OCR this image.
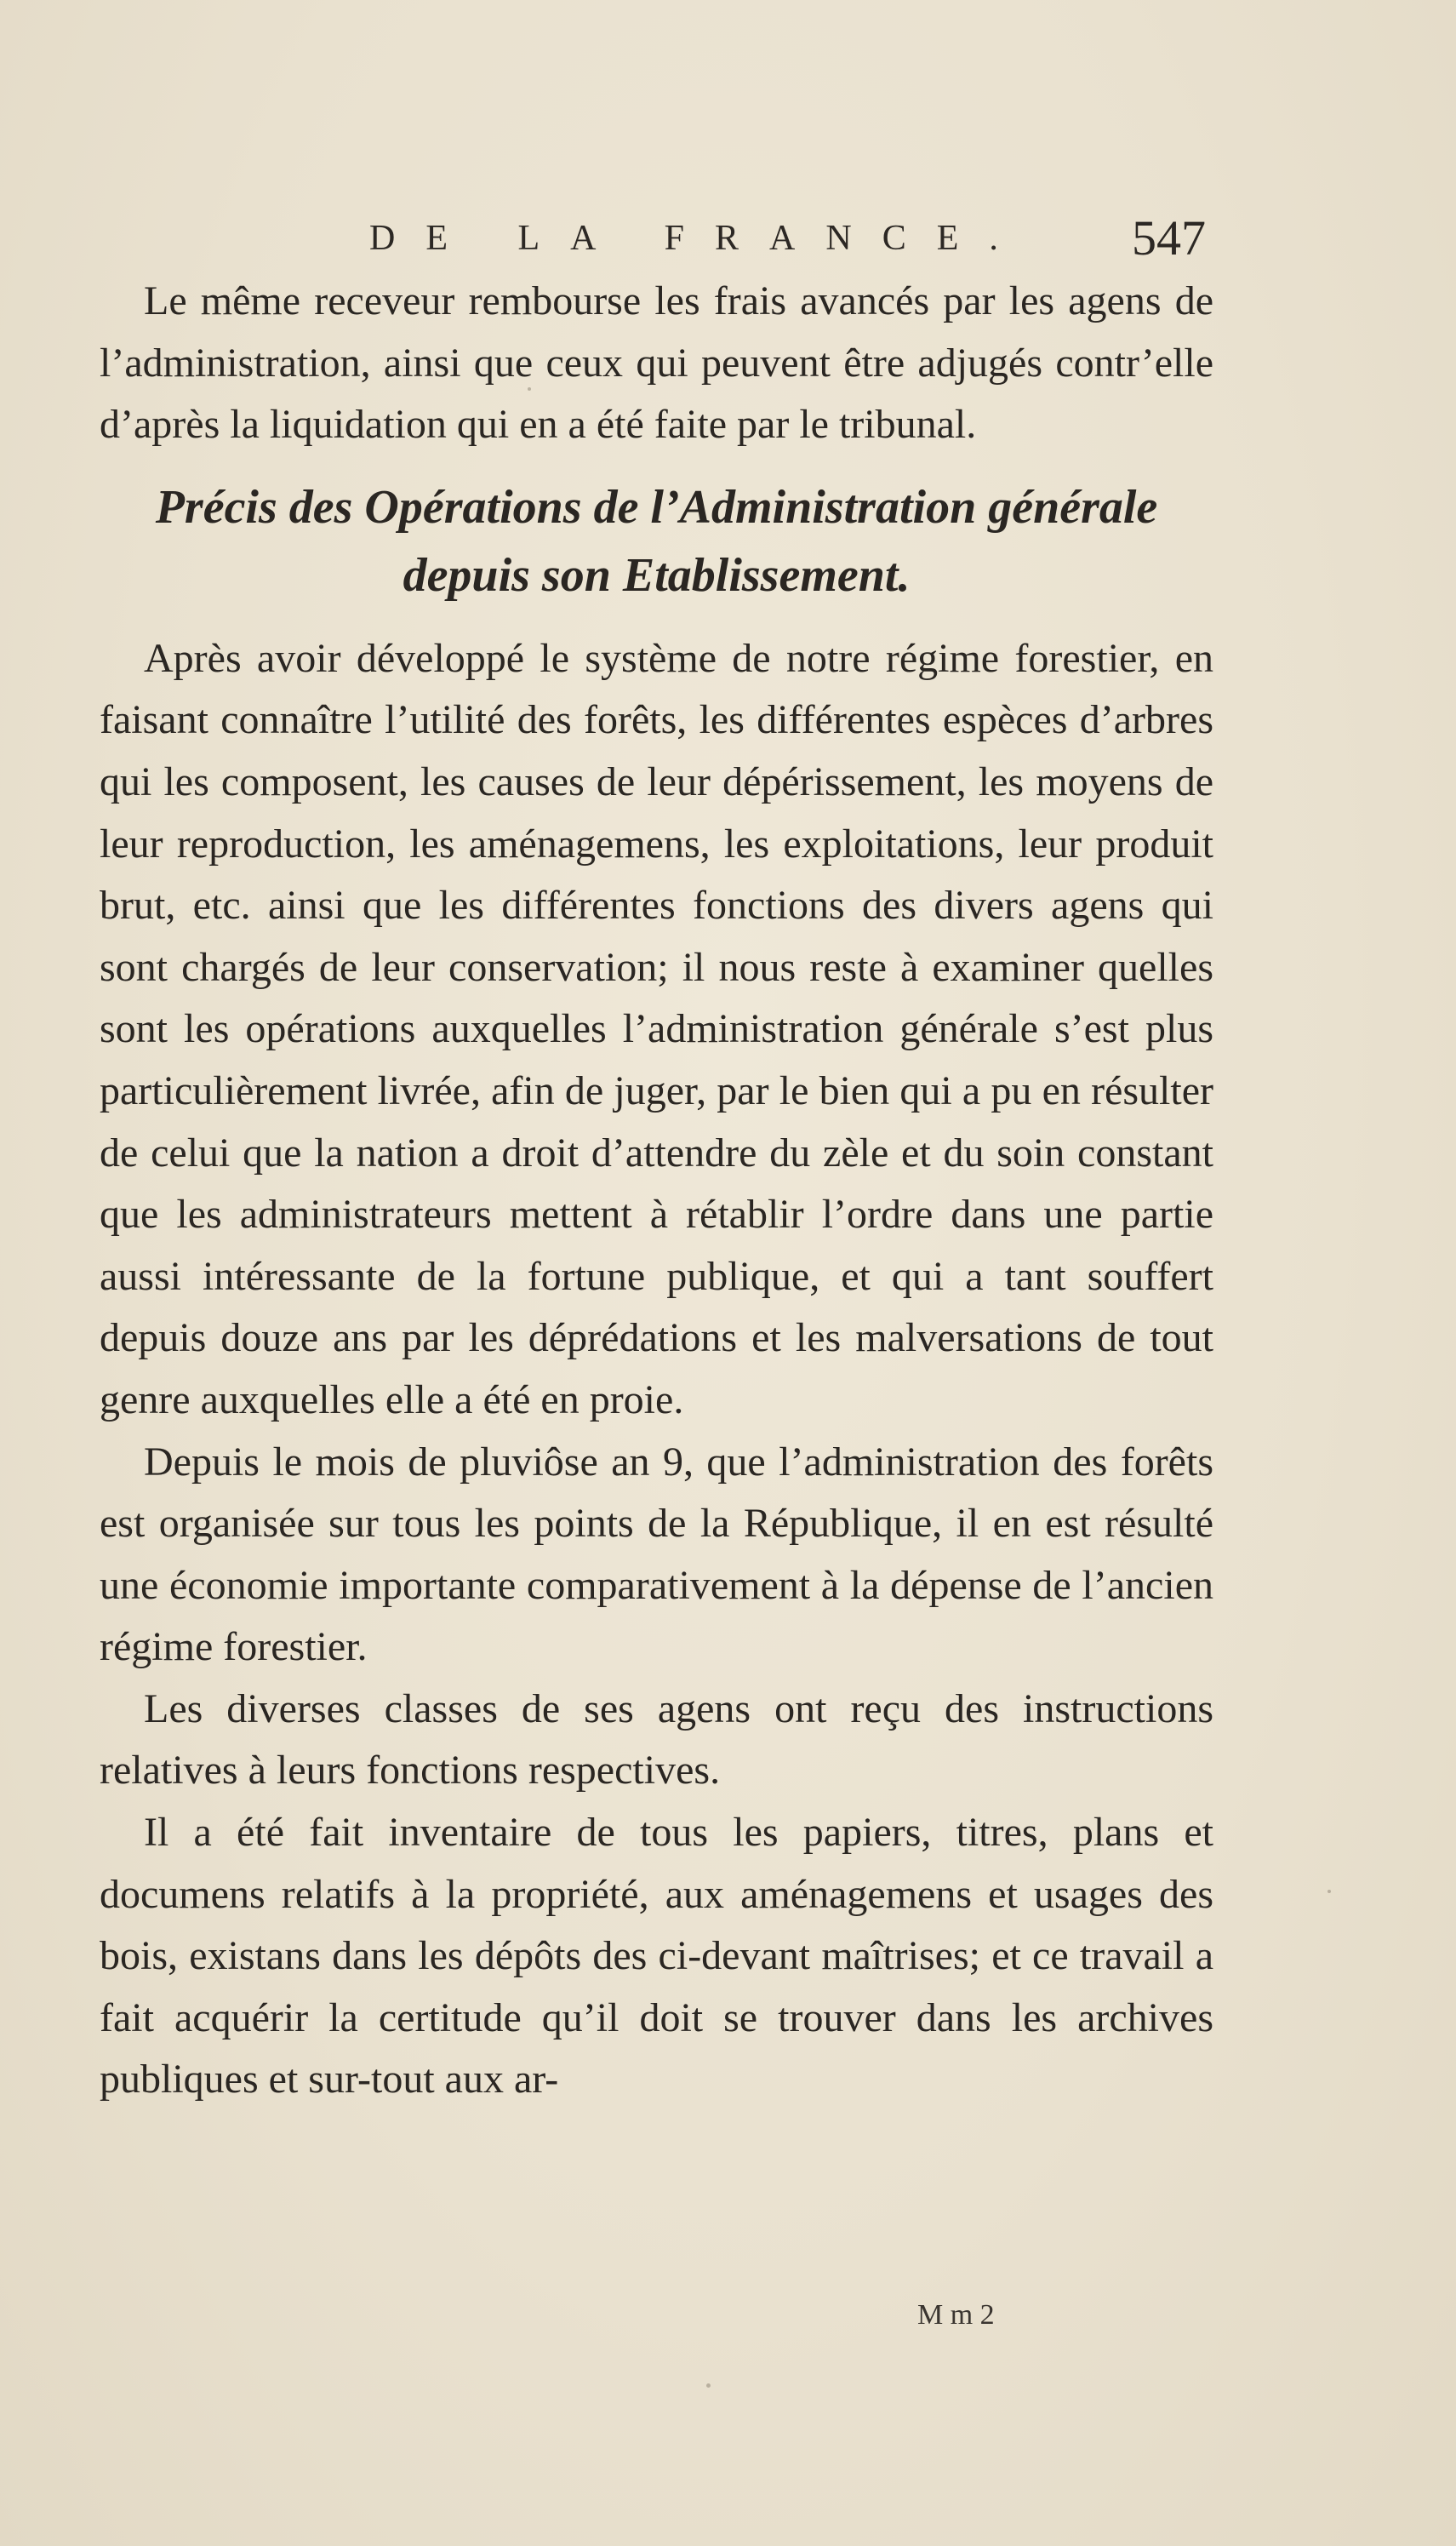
DE LA FRANCE. 547

Le même receveur rembourse les frais avancés par les agens de l’administration, ainsi que ceux qui peuvent être adjugés contr’elle d’après la liquidation qui en a été faite par le tribunal.

Précis des Opérations de l’Administration générale depuis son Etablissement.

Après avoir développé le système de notre régime forestier, en faisant connaître l’utilité des forêts, les différentes espèces d’arbres qui les composent, les causes de leur dépérissement, les moyens de leur reproduction, les aménagemens, les exploitations, leur produit brut, etc. ainsi que les différentes fonctions des divers agens qui sont chargés de leur conservation; il nous reste à examiner quelles sont les opérations auxquelles l’administration générale s’est plus particulièrement livrée, afin de juger, par le bien qui a pu en résulter de celui que la nation a droit d’attendre du zèle et du soin constant que les administrateurs mettent à rétablir l’ordre dans une partie aussi intéressante de la fortune publique, et qui a tant souffert depuis douze ans par les déprédations et les malversations de tout genre auxquelles elle a été en proie.

Depuis le mois de pluviôse an 9, que l’administration des forêts est organisée sur tous les points de la République, il en est résulté une économie importante comparativement à la dépense de l’ancien régime forestier.

Les diverses classes de ses agens ont reçu des instructions relatives à leurs fonctions respectives.

Il a été fait inventaire de tous les papiers, titres, plans et documens relatifs à la propriété, aux aménagemens et usages des bois, existans dans les dépôts des ci-devant maîtrises; et ce travail a fait acquérir la certitude qu’il doit se trouver dans les archives publiques et sur-tout aux ar-

M m 2
